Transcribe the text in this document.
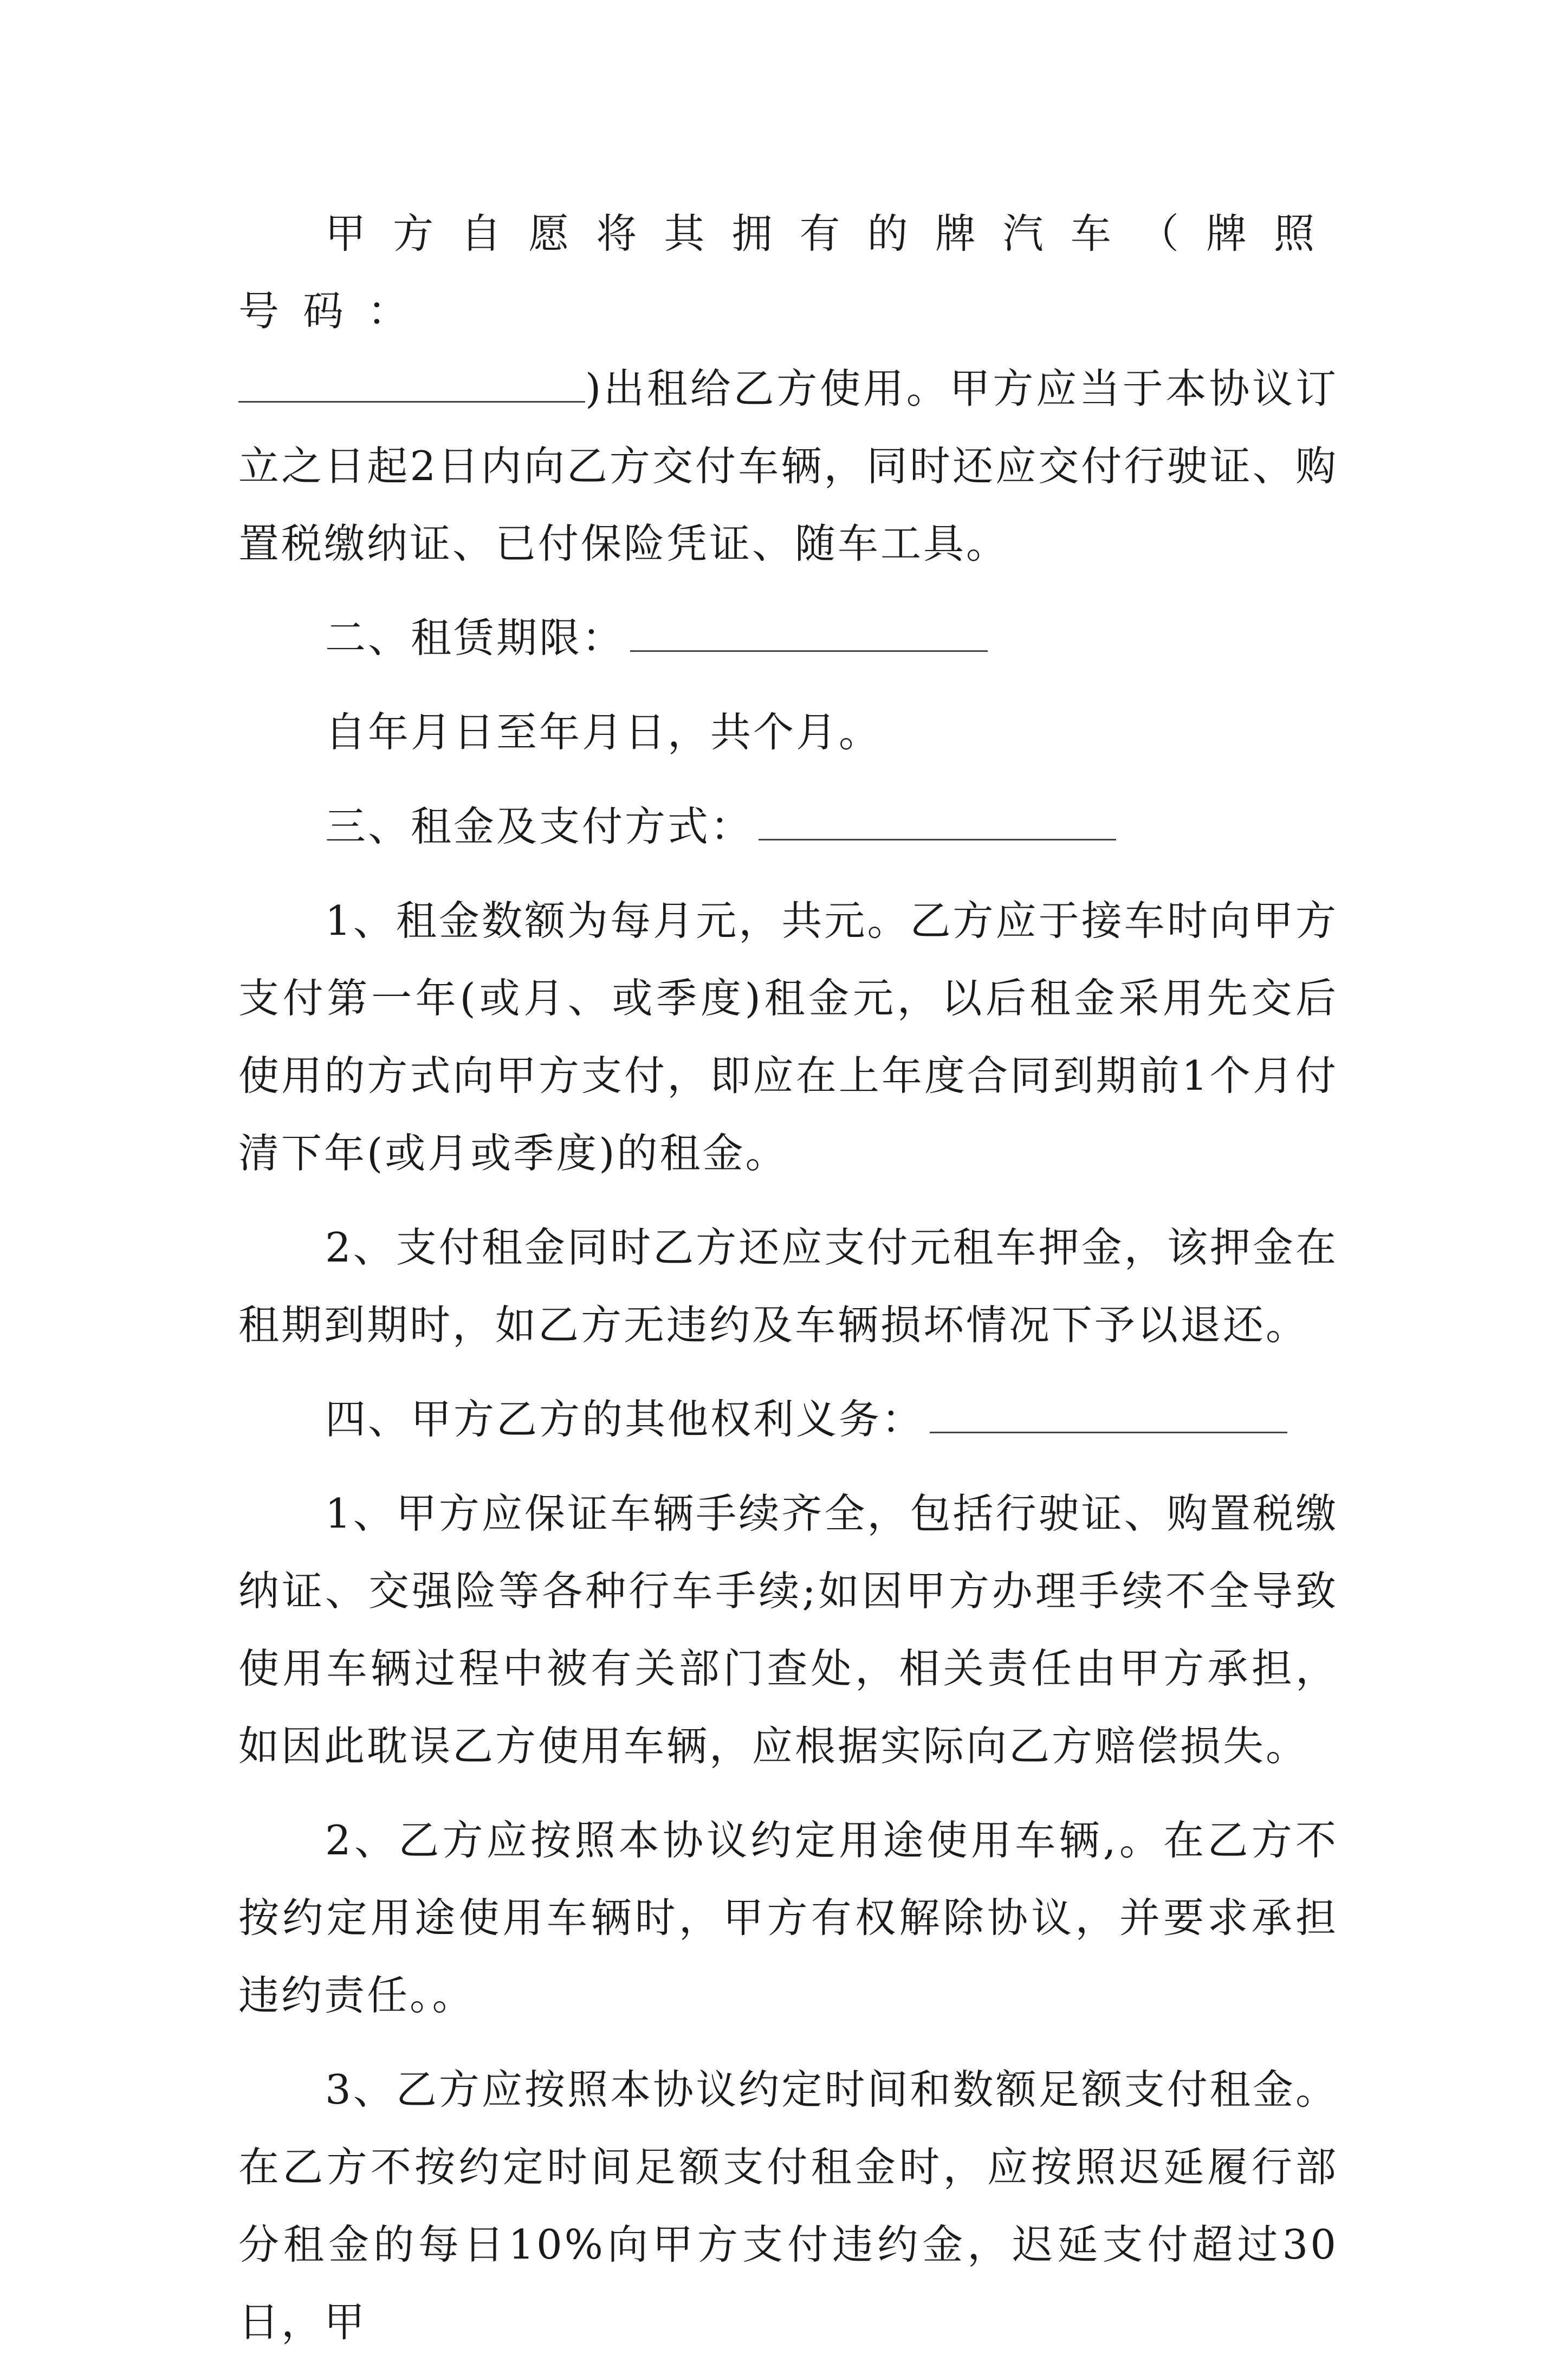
甲方自愿将其拥有的牌汽车（牌照号码：

)出租给乙方使用。甲方应当于本协议订立之日起2日内向乙方交付车辆，同时还应交付行驶证、购置税缴纳证、已付保险凭证、随车工具。

二、租赁期限：

自年月日至年月日，共个月。

三、租金及支付方式：

1、租金数额为每月元，共元。乙方应于接车时向甲方支付第一年(或月、或季度)租金元，以后租金采用先交后使用的方式向甲方支付，即应在上年度合同到期前1个月付清下年(或月或季度)的租金。

2、支付租金同时乙方还应支付元租车押金，该押金在租期到期时，如乙方无违约及车辆损坏情况下予以退还。

四、甲方乙方的其他权利义务：

1、甲方应保证车辆手续齐全，包括行驶证、购置税缴纳证、交强险等各种行车手续;如因甲方办理手续不全导致使用车辆过程中被有关部门查处，相关责任由甲方承担，如因此耽误乙方使用车辆，应根据实际向乙方赔偿损失。

2、乙方应按照本协议约定用途使用车辆,。在乙方不按约定用途使用车辆时，甲方有权解除协议，并要求承担违约责任。。

3、乙方应按照本协议约定时间和数额足额支付租金。在乙方不按约定时间足额支付租金时，应按照迟延履行部分租金的每日10%向甲方支付违约金，迟延支付超过30日，甲
